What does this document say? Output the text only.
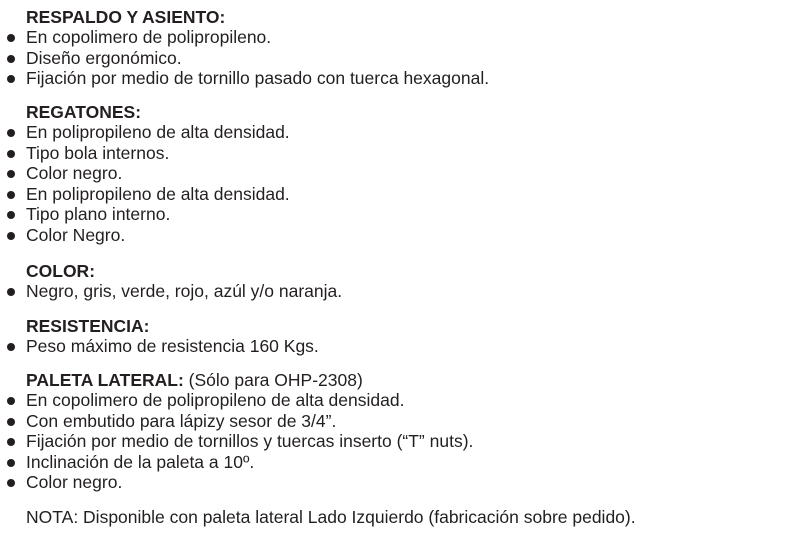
RESPALDO Y ASIENTO:
En copolimero de polipropileno.
Diseño ergonómico.
Fijación por medio de tornillo pasado con tuerca hexagonal.
REGATONES:
En polipropileno de alta densidad.
Tipo bola internos.
Color negro.
En polipropileno de alta densidad.
Tipo plano interno.
Color Negro.
COLOR:
Negro, gris, verde, rojo, azúl y/o naranja.
RESISTENCIA:
Peso máximo de resistencia 160 Kgs.
PALETA LATERAL: (Sólo para OHP-2308)
En copolimero de polipropileno de alta densidad.
Con embutido para lápizy sesor de 3/4”.
Fijación por medio de tornillos y tuercas inserto (“T” nuts).
Inclinación de la paleta a 10º.
Color negro.
NOTA: Disponible con paleta lateral Lado Izquierdo (fabricación sobre pedido).
